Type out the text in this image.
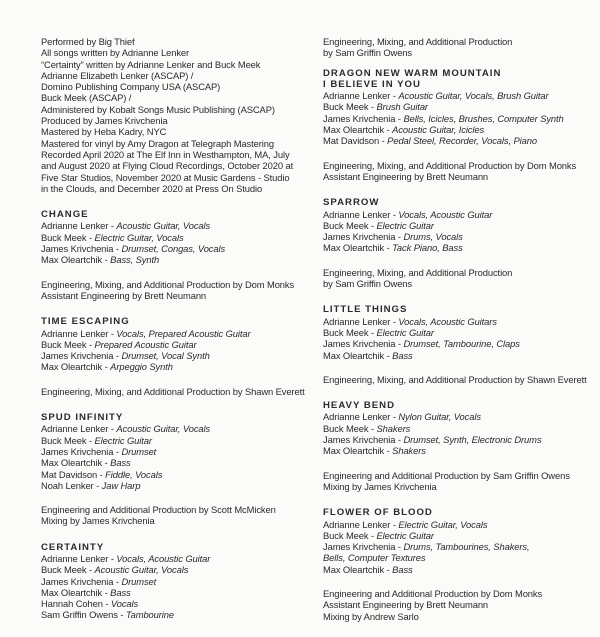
Performed by Big Thief
All songs written by Adrianne Lenker
“Certainty” written by Adrianne Lenker and Buck Meek
Adrianne Elizabeth Lenker (ASCAP) /
Domino Publishing Company USA (ASCAP)
Buck Meek (ASCAP) /
Administered by Kobalt Songs Music Publishing (ASCAP)
Produced by James Krivchenia
Mastered by Heba Kadry, NYC
Mastered for vinyl by Amy Dragon at Telegraph Mastering
Recorded April 2020 at The Elf Inn in Westhampton, MA, July
and August 2020 at Flying Cloud Recordings, October 2020 at
Five Star Studios, November 2020 at Music Gardens - Studio
in the Clouds, and December 2020 at Press On Studio
CHANGE
Adrianne Lenker - Acoustic Guitar, Vocals
Buck Meek - Electric Guitar, Vocals
James Krivchenia - Drumset, Congas, Vocals
Max Oleartchik - Bass, Synth
Engineering, Mixing, and Additional Production by Dom Monks
Assistant Engineering by Brett Neumann
TIME ESCAPING
Adrianne Lenker - Vocals, Prepared Acoustic Guitar
Buck Meek - Prepared Acoustic Guitar
James Krivchenia - Drumset, Vocal Synth
Max Oleartchik - Arpeggio Synth
Engineering, Mixing, and Additional Production by Shawn Everett
SPUD INFINITY
Adrianne Lenker - Acoustic Guitar, Vocals
Buck Meek - Electric Guitar
James Krivchenia - Drumset
Max Oleartchik - Bass
Mat Davidson - Fiddle, Vocals
Noah Lenker - Jaw Harp
Engineering and Additional Production by Scott McMicken
Mixing by James Krivchenia
CERTAINTY
Adrianne Lenker - Vocals, Acoustic Guitar
Buck Meek - Acoustic Guitar, Vocals
James Krivchenia - Drumset
Max Oleartchik - Bass
Hannah Cohen - Vocals
Sam Griffin Owens - Tambourine
Engineering, Mixing, and Additional Production
by Sam Griffin Owens
DRAGON NEW WARM MOUNTAIN
I BELIEVE IN YOU
Adrianne Lenker - Acoustic Guitar, Vocals, Brush Guitar
Buck Meek - Brush Guitar
James Krivchenia - Bells, Icicles, Brushes, Computer Synth
Max Oleartchik - Acoustic Guitar, Icicles
Mat Davidson - Pedal Steel, Recorder, Vocals, Piano
Engineering, Mixing, and Additional Production by Dom Monks
Assistant Engineering by Brett Neumann
SPARROW
Adrianne Lenker - Vocals, Acoustic Guitar
Buck Meek - Electric Guitar
James Krivchenia - Drums, Vocals
Max Oleartchik - Tack Piano, Bass
Engineering, Mixing, and Additional Production
by Sam Griffin Owens
LITTLE THINGS
Adrianne Lenker - Vocals, Acoustic Guitars
Buck Meek - Electric Guitar
James Krivchenia - Drumset, Tambourine, Claps
Max Oleartchik - Bass
Engineering, Mixing, and Additional Production by Shawn Everett
HEAVY BEND
Adrianne Lenker - Nylon Guitar, Vocals
Buck Meek - Shakers
James Krivchenia - Drumset, Synth, Electronic Drums
Max Oleartchik - Shakers
Engineering and Additional Production by Sam Griffin Owens
Mixing by James Krivchenia
FLOWER OF BLOOD
Adrianne Lenker - Electric Guitar, Vocals
Buck Meek - Electric Guitar
James Krivchenia - Drums, Tambourines, Shakers,
Bells, Computer Textures
Max Oleartchik - Bass
Engineering and Additional Production by Dom Monks
Assistant Engineering by Brett Neumann
Mixing by Andrew Sarlo
